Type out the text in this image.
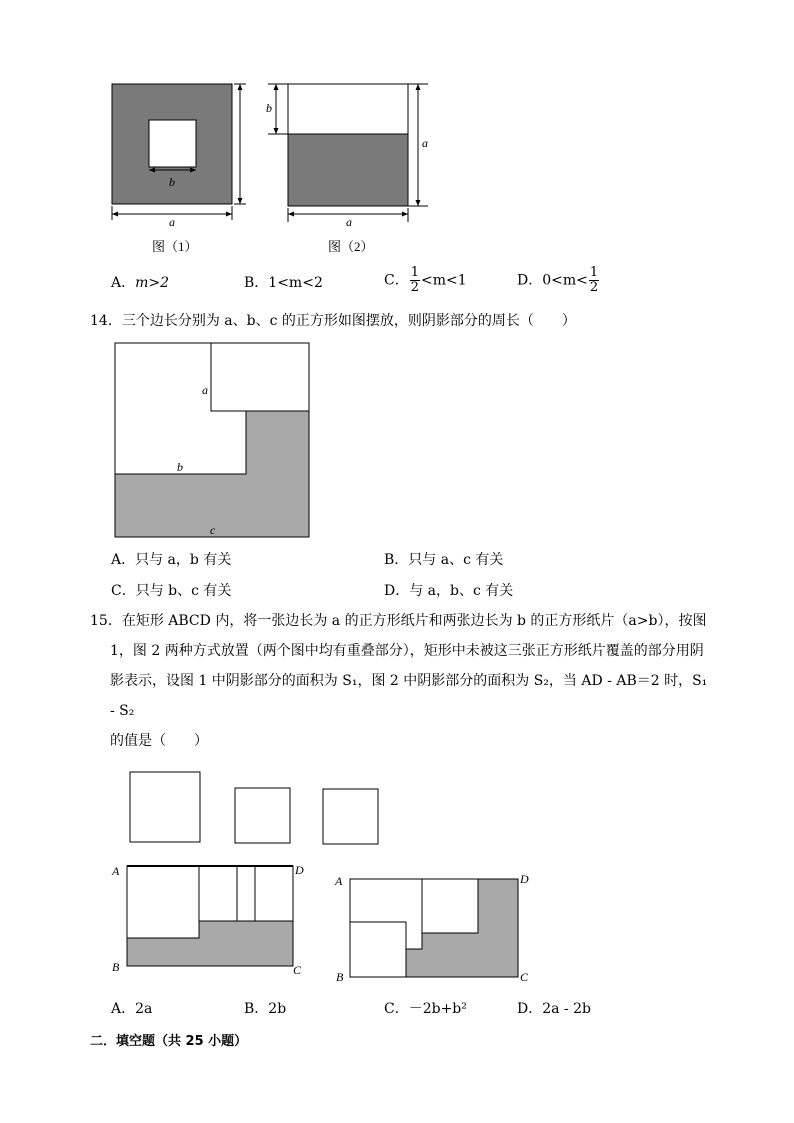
b
a
图（1）
b
a
a
图（2）
A．m>2	B．1<m<2	C． $\frac{1}{2} <m<1$	D．$0<m< \frac{1}{2}$
14．三个边长分别为 a、b、c 的正方形如图摆放，则阴影部分的周长（　　）
a
b
c
A．只与 a，b 有关	B．只与 a、c 有关
C．只与 b、c 有关	D．与 a，b、c 有关
15．在矩形 ABCD 内，将一张边长为 a 的正方形纸片和两张边长为 b 的正方形纸片（a>b），按图
1，图 2 两种方式放置（两个图中均有重叠部分），矩形中未被这三张正方形纸片覆盖的部分用阴
影表示，设图 1 中阴影部分的面积为 S₁，图 2 中阴影部分的面积为 S₂，当 AD - AB＝2 时，S₁ - S₂
的值是（　　）
A	D
B	C
A	D
B	C
A．2a	B．2b	C．－2b+b²	D．2a - 2b
二．填空题（共 25 小题）
